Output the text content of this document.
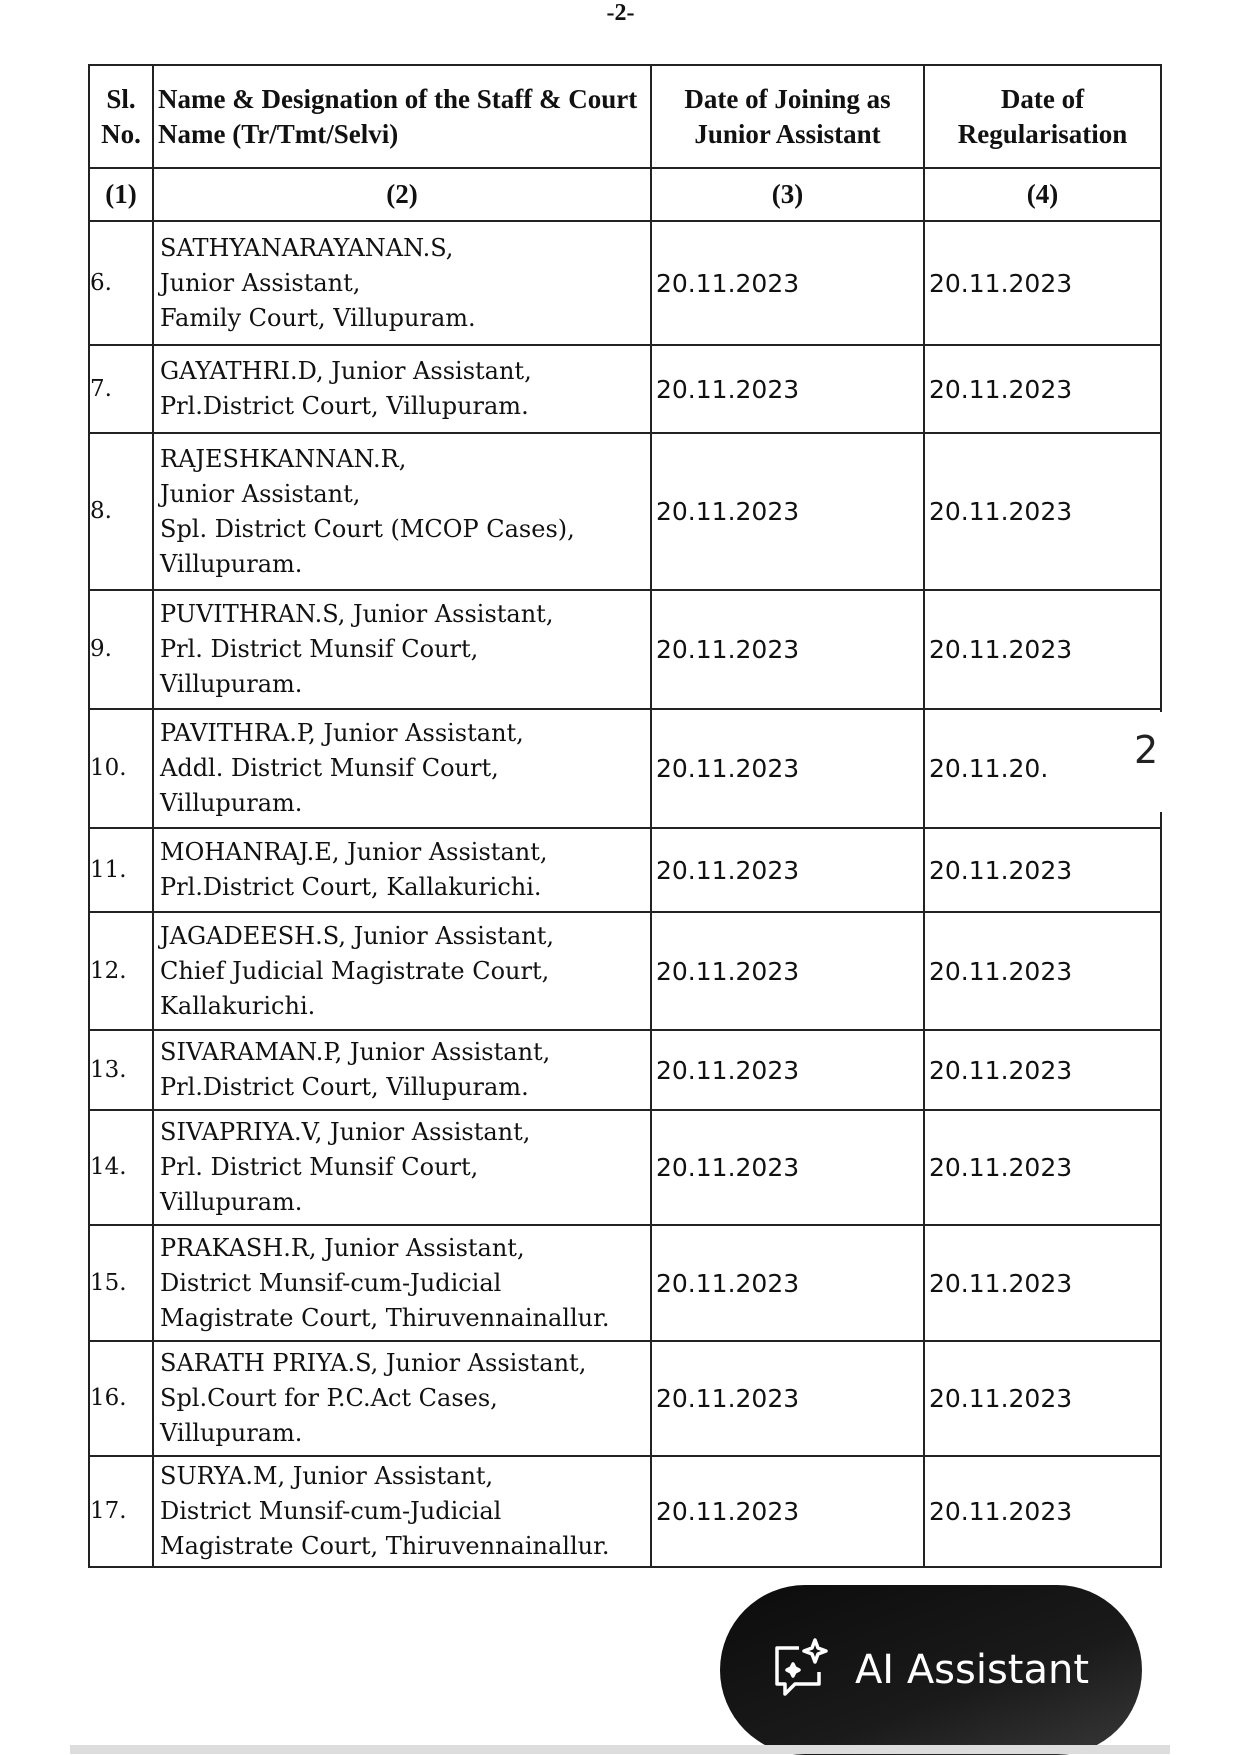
-2-
Sl. No.	Name & Designation of the Staff & Court Name (Tr/Tmt/Selvi)	Date of Joining as Junior Assistant	Date of Regularisation
(1)	(2)	(3)	(4)
6.	SATHYANARAYANAN.S,
Junior Assistant,
Family Court, Villupuram.	20.11.2023	20.11.2023
7.	GAYATHRI.D, Junior Assistant,
Prl.District Court, Villupuram.	20.11.2023	20.11.2023
8.	RAJESHKANNAN.R,
Junior Assistant,
Spl. District Court (MCOP Cases),
Villupuram.	20.11.2023	20.11.2023
9.	PUVITHRAN.S, Junior Assistant,
Prl. District Munsif Court,
Villupuram.	20.11.2023	20.11.2023
10.	PAVITHRA.P, Junior Assistant,
Addl. District Munsif Court,
Villupuram.	20.11.2023	20.11.20.
11.	MOHANRAJ.E, Junior Assistant,
Prl.District Court, Kallakurichi.	20.11.2023	20.11.2023
12.	JAGADEESH.S, Junior Assistant,
Chief Judicial Magistrate Court,
Kallakurichi.	20.11.2023	20.11.2023
13.	SIVARAMAN.P, Junior Assistant,
Prl.District Court, Villupuram.	20.11.2023	20.11.2023
14.	SIVAPRIYA.V, Junior Assistant,
Prl. District Munsif Court,
Villupuram.	20.11.2023	20.11.2023
15.	PRAKASH.R, Junior Assistant,
District Munsif-cum-Judicial
Magistrate Court, Thiruvennainallur.	20.11.2023	20.11.2023
16.	SARATH PRIYA.S, Junior Assistant,
Spl.Court for P.C.Act Cases,
Villupuram.	20.11.2023	20.11.2023
17.	SURYA.M, Junior Assistant,
District Munsif-cum-Judicial
Magistrate Court, Thiruvennainallur.	20.11.2023	20.11.2023
2
AI Assistant
